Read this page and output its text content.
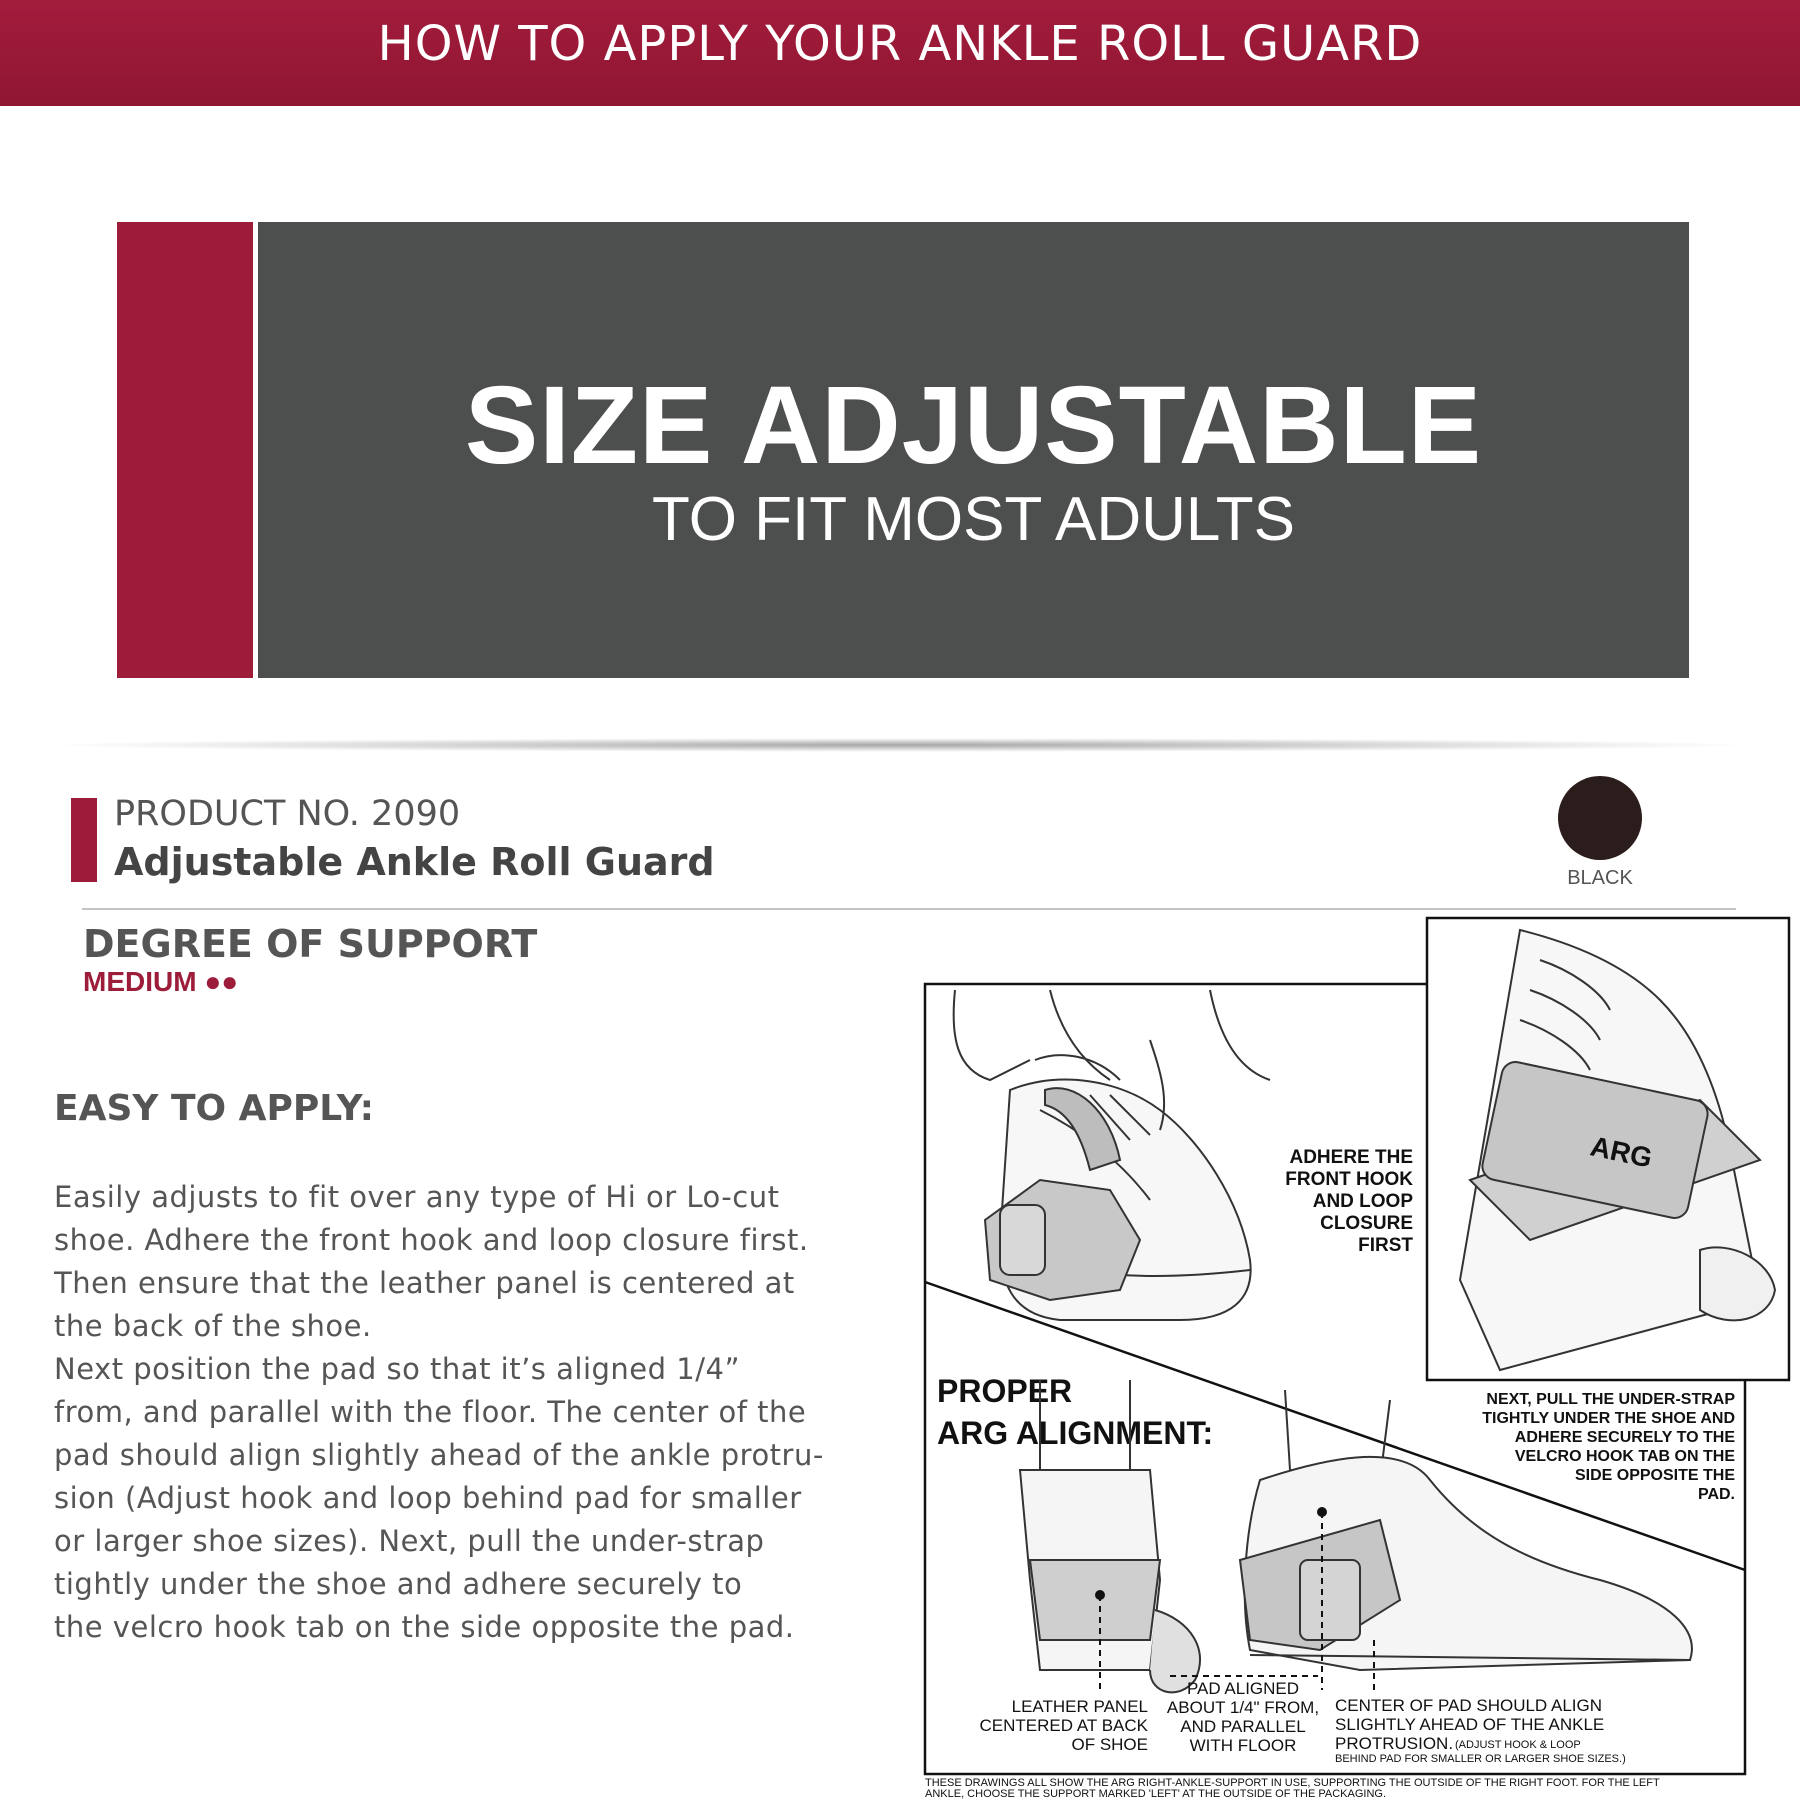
HOW TO APPLY YOUR ANKLE ROLL GUARD
SIZE ADJUSTABLE
TO FIT MOST ADULTS
PRODUCT NO. 2090
Adjustable Ankle Roll Guard	BLACK
DEGREE OF SUPPORT
MEDIUM ●●
EASY TO APPLY:

Easily adjusts to fit over any type of Hi or Lo-cut

shoe. Adhere the front hook and loop closure first.

Then ensure that the leather panel is centered at

the back of the shoe.

Next position the pad so that it’s aligned 1/4”

from, and parallel with the floor. The center of the

pad should align slightly ahead of the ankle protru-

sion (Adjust hook and loop behind pad for smaller

or larger shoe sizes). Next, pull the under-strap

tightly under the shoe and adhere securely to

the velcro hook tab on the side opposite the pad.

ADHERE THE
FRONT HOOK
AND LOOP
CLOSURE
FIRST
ARG
PROPER
ARG ALIGNMENT:
NEXT, PULL THE UNDER-STRAP
TIGHTLY UNDER THE SHOE AND
ADHERE SECURELY TO THE
VELCRO HOOK TAB ON THE
SIDE OPPOSITE THE
PAD.
LEATHER PANEL
CENTERED AT BACK
OF SHOE
PAD ALIGNED
ABOUT 1/4" FROM,
AND PARALLEL
WITH FLOOR
CENTER OF PAD SHOULD ALIGN
SLIGHTLY AHEAD OF THE ANKLE
PROTRUSION. (ADJUST HOOK & LOOP
BEHIND PAD FOR SMALLER OR LARGER SHOE SIZES.)
THESE DRAWINGS ALL SHOW THE ARG RIGHT-ANKLE-SUPPORT IN USE, SUPPORTING THE OUTSIDE OF THE RIGHT FOOT. FOR THE LEFT
ANKLE, CHOOSE THE SUPPORT MARKED 'LEFT' AT THE OUTSIDE OF THE PACKAGING.
